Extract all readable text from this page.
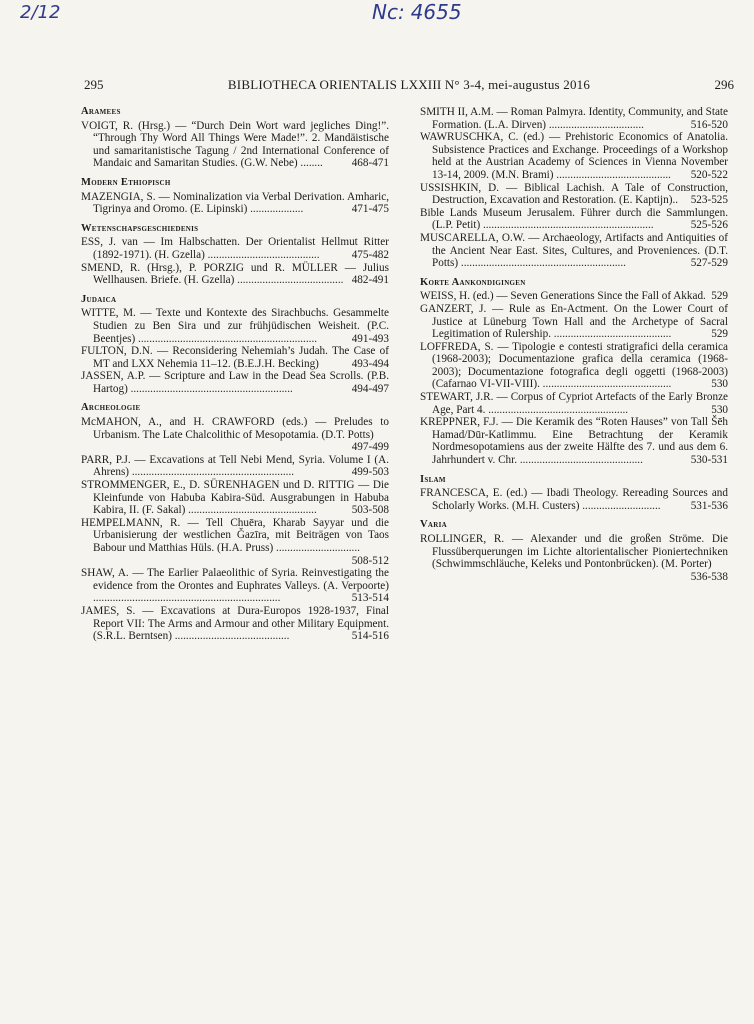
2/12	Nc: 4655
295	BIBLIOTHECA ORIENTALIS LXXIII N° 3-4, mei-augustus 2016	296
Aramees
VOIGT, R. (Hrsg.) — “Durch Dein Wort ward jegliches Ding!”. “Through Thy Word All Things Were Made!”. 2. Mandäistische und samaritanistische Tagung / 2nd International Conference of Mandaic and Samaritan Studies. (G.W. Nebe) ........	468-471
Modern Ethiopisch
MAZENGIA, S. — Nominalization via Verbal Derivation. Amharic, Tigrinya and Oromo. (E. Lipinski) ...................	471-475
Wetenschapsgeschiedenis
ESS, J. van — Im Halbschatten. Der Orientalist Hellmut Ritter (1892-1971). (H. Gzella) ........................................	475-482
SMEND, R. (Hrsg.), P. PORZIG und R. MÜLLER — Julius Wellhausen. Briefe. (H. Gzella) ...................................... 482-491
Judaica
WITTE, M. — Texte und Kontexte des Sirachbuchs. Gesammelte Studien zu Ben Sira und zur frühjüdischen Weisheit. (P.C. Beentjes) ................................................................	491-493
FULTON, D.N. — Reconsidering Nehemiah’s Judah. The Case of MT and LXX Nehemia 11–12. (B.E.J.H. Becking)	493-494
JASSEN, A.P. — Scripture and Law in the Dead Sea Scrolls. (P.B. Hartog) ..........................................................	494-497
Archeologie
McMAHON, A., and H. CRAWFORD (eds.) — Preludes to Urbanism. The Late Chalcolithic of Mesopotamia. (D.T. Potts)
497-499
PARR, P.J. — Excavations at Tell Nebi Mend, Syria. Volume I (A. Ahrens) ..........................................................	499-503
STROMMENGER, E., D. SÜRENHAGEN und D. RITTIG — Die Kleinfunde von Habuba Kabira-Süd. Ausgrabungen in Habuba Kabira, II. (F. Sakal) ..............................................	503-508
HEMPELMANN, R. — Tell Chuēra, Kharab Sayyar und die Urbanisierung der westlichen Ǧazīra, mit Beiträgen von Taos Babour und Matthias Hüls. (H.A. Pruss) ..............................
508-512
SHAW, A. — The Earlier Palaeolithic of Syria. Reinvestigating the evidence from the Orontes and Euphrates Valleys. (A. Verpoorte) ...................................................................	513-514
JAMES, S. — Excavations at Dura-Europos 1928-1937, Final Report VII: The Arms and Armour and other Military Equipment. (S.R.L. Berntsen) .........................................	514-516
SMITH II, A.M. — Roman Palmyra. Identity, Community, and State Formation. (L.A. Dirven) ..................................	516-520
WAWRUSCHKA, C. (ed.) — Prehistoric Economics of Anatolia. Subsistence Practices and Exchange. Proceedings of a Workshop held at the Austrian Academy of Sciences in Vienna November 13-14, 2009. (M.N. Brami) ......................................... 520-522
USSISHKIN, D. — Biblical Lachish. A Tale of Construction, Destruction, Excavation and Restoration. (E. Kaptijn).. 523-525
Bible Lands Museum Jerusalem. Führer durch die Sammlungen. (L.P. Petit) .............................................................	525-526
MUSCARELLA, O.W. — Archaeology, Artifacts and Antiquities of the Ancient Near East. Sites, Cultures, and Proveniences. (D.T. Potts) ...........................................................	527-529
Korte Aankondigingen
WEISS, H. (ed.) — Seven Generations Since the Fall of Akkad. 529
GANZERT, J. — Rule as En-Actment. On the Lower Court of Justice at Lüneburg Town Hall and the Archetype of Sacral Legitimation of Rulership. ..........................................	529
LOFFREDA, S. — Tipologie e contesti stratigrafici della ceramica (1968-2003); Documentazione grafica della ceramica (1968-2003); Documentazione fotografica degli oggetti (1968-2003) (Cafarnao VI-VII-VIII). ..............................................	530
STEWART, J.R. — Corpus of Cypriot Artefacts of the Early Bronze Age, Part 4. ..................................................	530
KREPPNER, F.J. — Die Keramik des “Roten Hauses” von Tall Šēh Hamad/Dūr-Katlimmu. Eine Betrachtung der Keramik Nordmesopotamiens aus der zweite Hälfte des 7. und aus dem 6. Jahrhundert v. Chr. ............................................	530-531
Islam
FRANCESCA, E. (ed.) — Ibadi Theology. Rereading Sources and Scholarly Works. (M.H. Custers) ............................	531-536
Varia
ROLLINGER, R. — Alexander und die großen Ströme. Die Flussüberquerungen im Lichte altorientalischer Pioniertechniken (Schwimmschläuche, Keleks und Pontonbrücken). (M. Porter)
536-538
